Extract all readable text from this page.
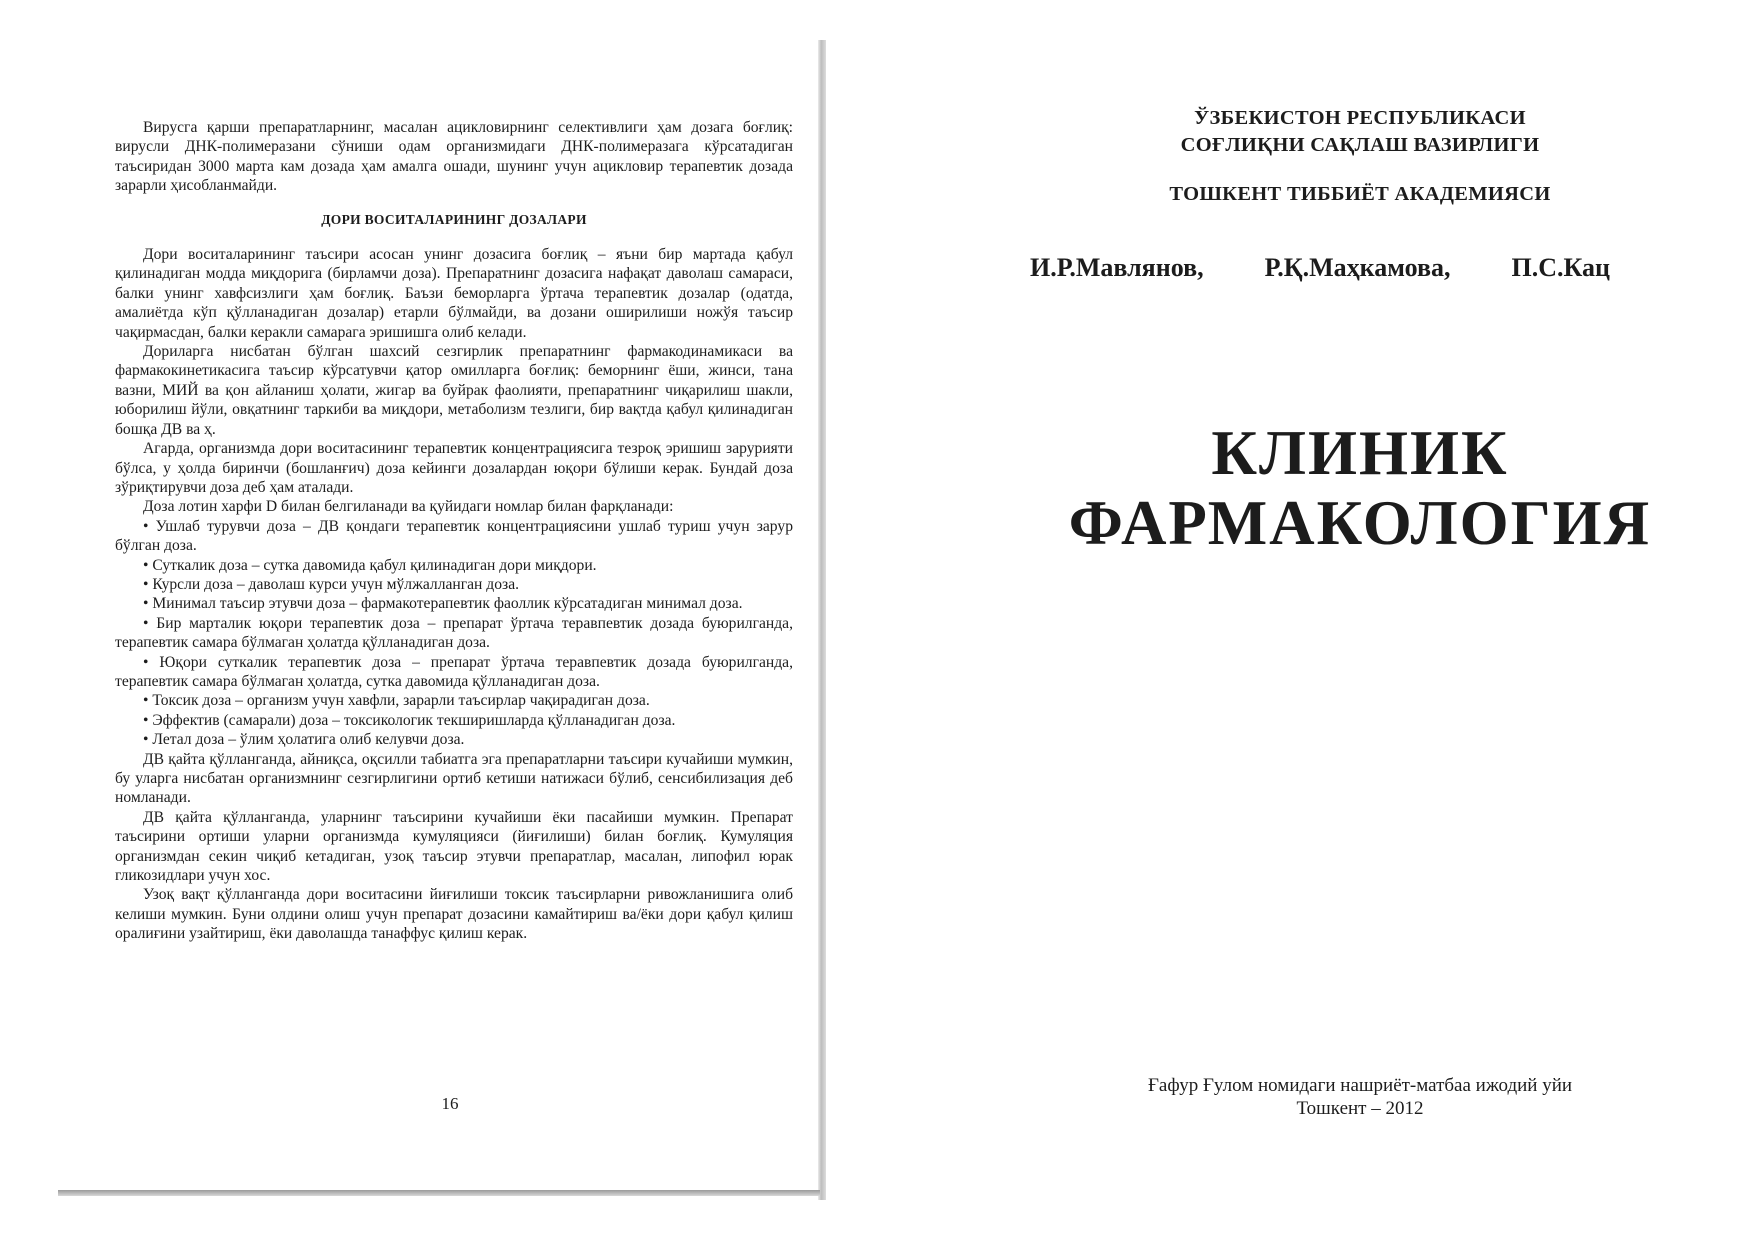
Вирусга қарши препаратларнинг, масалан ацикловирнинг селективлиги ҳам дозага боғлиқ: вирусли ДНК-полимеразани сўниши одам организмидаги ДНК-полимеразага кўрсатадиган таъсиридан 3000 марта кам дозада ҳам амалга ошади, шунинг учун ацикловир терапевтик дозада зарарли ҳисобланмайди.

ДОРИ ВОСИТАЛАРИНИНГ ДОЗАЛАРИ

Дори воситаларининг таъсири асосан унинг дозасига боғлиқ – яъни бир мартада қабул қилинадиган модда миқдорига (бирламчи доза). Препаратнинг дозасига нафақат даволаш самараси, балки унинг хавфсизлиги ҳам боғлиқ. Баъзи беморларга ўртача терапевтик дозалар (одатда, амалиётда кўп қўлланадиган дозалар) етарли бўлмайди, ва дозани оширилиши ножўя таъсир чақирмасдан, балки керакли самарага эришишга олиб келади.

Дориларга нисбатан бўлган шахсий сезгирлик препаратнинг фармакодинамикаси ва фармакокинетикасига таъсир кўрсатувчи қатор омилларга боғлиқ: беморнинг ёши, жинси, тана вазни, МИЙ ва қон айланиш ҳолати, жигар ва буйрак фаолияти, препаратнинг чиқарилиш шакли, юборилиш йўли, овқатнинг таркиби ва миқдори, метаболизм тезлиги, бир вақтда қабул қилинадиган бошқа ДВ ва ҳ.

Агарда, организмда дори воситасининг терапевтик концентрациясига тезроқ эришиш зарурияти бўлса, у ҳолда биринчи (бошланғич) доза кейинги дозалардан юқори бўлиши керак. Бундай доза зўриқтирувчи доза деб ҳам аталади.

Доза лотин харфи D билан белгиланади ва қуйидаги номлар билан фарқланади:

• Ушлаб турувчи доза – ДВ қондаги терапевтик концентрациясини ушлаб туриш учун зарур бўлган доза.

• Суткалик доза – сутка давомида қабул қилинадиган дори миқдори.

• Курсли доза – даволаш курси учун мўлжалланган доза.

• Минимал таъсир этувчи доза – фармакотерапевтик фаоллик кўрсатадиган минимал доза.

• Бир марталик юқори терапевтик доза – препарат ўртача теравпевтик дозада буюрилганда, терапевтик самара бўлмаган ҳолатда қўлланадиган доза.

• Юқори суткалик терапевтик доза – препарат ўртача теравпевтик дозада буюрилганда, терапевтик самара бўлмаган ҳолатда, сутка давомида қўлланадиган доза.

• Токсик доза – организм учун хавфли, зарарли таъсирлар чақирадиган доза.

• Эффектив (самарали) доза – токсикологик текширишларда қўлланадиган доза.

• Летал доза – ўлим ҳолатига олиб келувчи доза.

ДВ қайта қўлланганда, айниқса, оқсилли табиатга эга препаратларни таъсири кучайиши мумкин, бу уларга нисбатан организмнинг сезгирлигини ортиб кетиши натижаси бўлиб, сенсибилизация деб номланади.

ДВ қайта қўлланганда, уларнинг таъсирини кучайиши ёки пасайиши мумкин. Препарат таъсирини ортиши уларни организмда кумуляцияси (йиғилиши) билан боғлиқ. Кумуляция организмдан секин чиқиб кетадиган, узоқ таъсир этувчи препаратлар, масалан, липофил юрак гликозидлари учун хос.

Узоқ вақт қўлланганда дори воситасини йиғилиши токсик таъсирларни ривожланишига олиб келиши мумкин. Буни олдини олиш учун препарат дозасини камайтириш ва/ёки дори қабул қилиш оралиғини узайтириш, ёки даволашда танаффус қилиш керак.

16
ЎЗБЕКИСТОН РЕСПУБЛИКАСИ
СОҒЛИҚНИ САҚЛАШ ВАЗИРЛИГИ
ТОШКЕНТ ТИББИЁТ АКАДЕМИЯСИ
И.Р.Мавлянов, Р.Қ.Маҳкамова, П.С.Кац
КЛИНИК
ФАРМАКОЛОГИЯ
Ғафур Ғулом номидаги нашриёт-матбаа ижодий уйи
Тошкент – 2012
